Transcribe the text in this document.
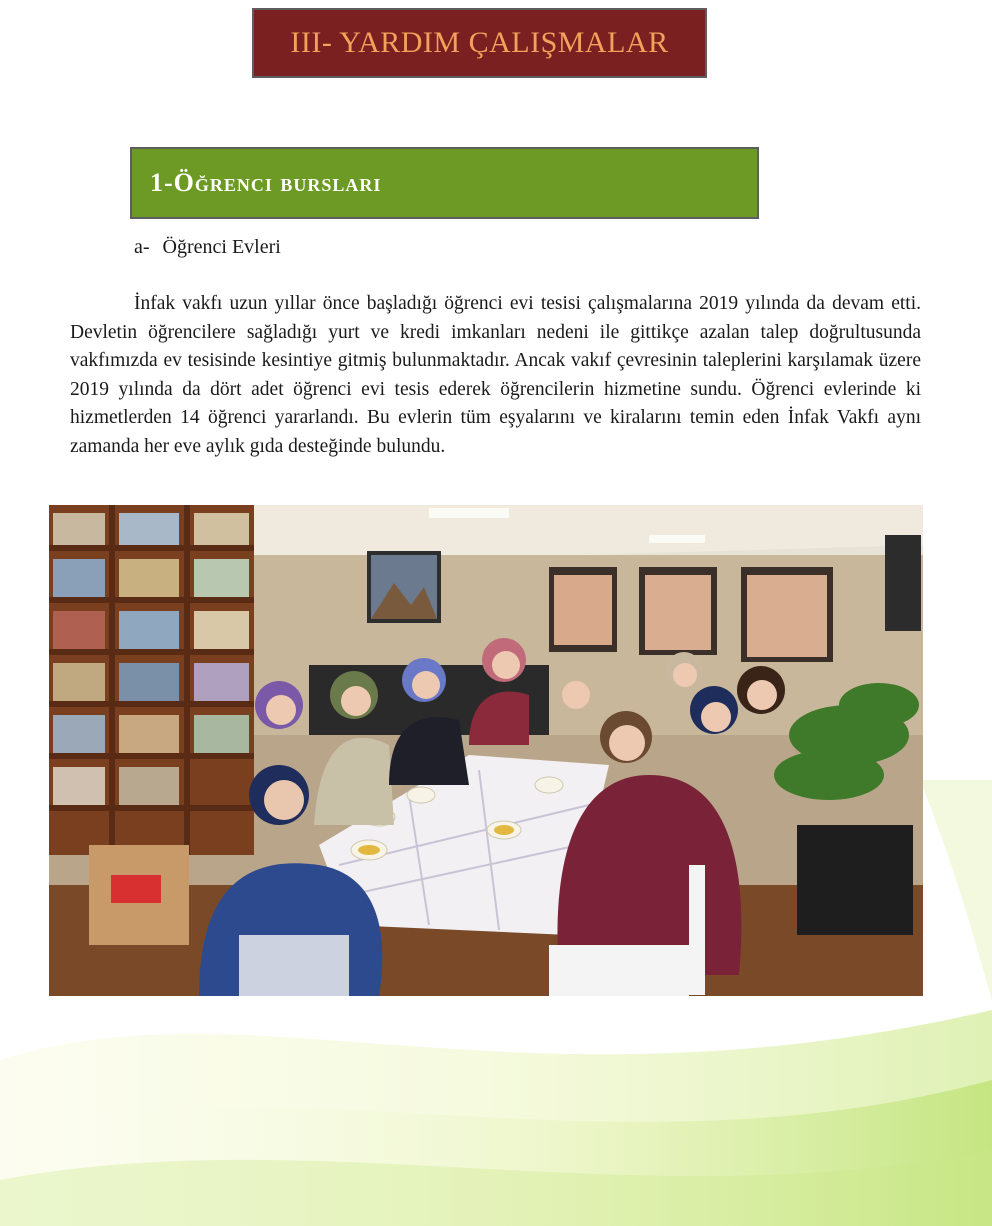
III- YARDIM ÇALIŞMALAR
1-Öğrenci bursları
a- Öğrenci Evleri

İnfak vakfı uzun yıllar önce başladığı öğrenci evi tesisi çalışmalarına 2019 yılında da devam etti. Devletin öğrencilere sağladığı yurt ve kredi imkanları nedeni ile gittikçe azalan talep doğrultusunda vakfımızda ev tesisinde kesintiye gitmiş bulunmaktadır. Ancak vakıf çevresinin taleplerini karşılamak üzere 2019 yılında da dört adet öğrenci evi tesis ederek öğrencilerin hizmetine sundu. Öğrenci evlerinde ki hizmetlerden 14 öğrenci yararlandı. Bu evlerin tüm eşyalarını ve kiralarını temin eden İnfak Vakfı aynı zamanda her eve aylık gıda desteğinde bulundu.
